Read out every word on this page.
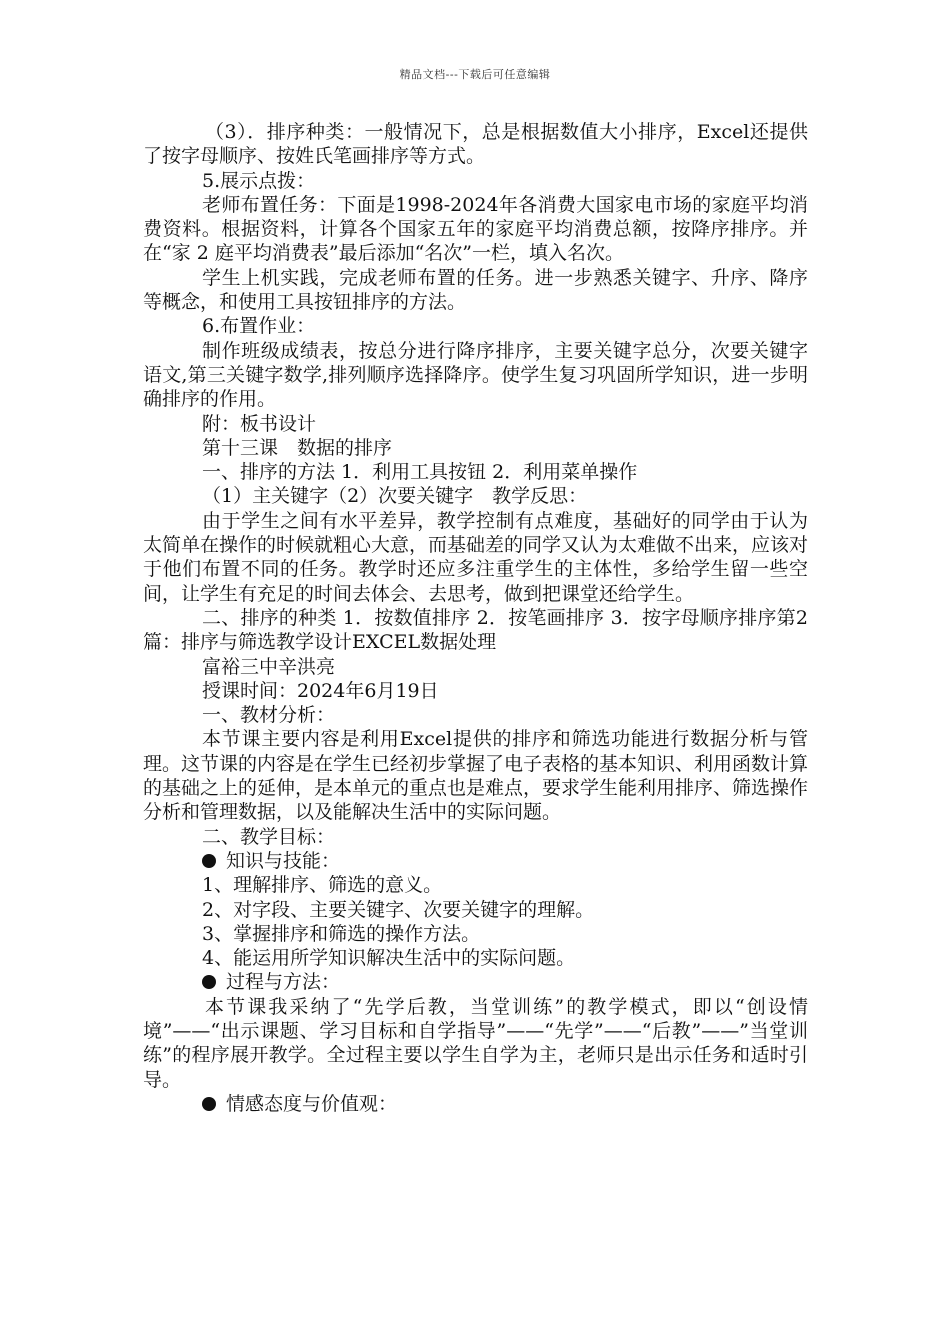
精品文档---下载后可任意编辑

（3）．排序种类：一般情况下，总是根据数值大小排序，Excel还提供了按字母顺序、按姓氏笔画排序等方式。

5.展示点拨：

老师布置任务：下面是1998-2024年各消费大国家电市场的家庭平均消费资料。根据资料，计算各个国家五年的家庭平均消费总额，按降序排序。并在“家 2 庭平均消费表”最后添加“名次”一栏，填入名次。

学生上机实践，完成老师布置的任务。进一步熟悉关键字、升序、降序等概念，和使用工具按钮排序的方法。

6.布置作业：

制作班级成绩表，按总分进行降序排序，主要关键字总分，次要关键字语文,第三关键字数学,排列顺序选择降序。使学生复习巩固所学知识，进一步明确排序的作用。

附：板书设计

第十三课　数据的排序

一、排序的方法 1．利用工具按钮 2．利用菜单操作

（1）主关键字（2）次要关键字　教学反思：

由于学生之间有水平差异，教学控制有点难度，基础好的同学由于认为太简单在操作的时候就粗心大意，而基础差的同学又认为太难做不出来，应该对于他们布置不同的任务。教学时还应多注重学生的主体性，多给学生留一些空间，让学生有充足的时间去体会、去思考，做到把课堂还给学生。

二、排序的种类 1．按数值排序 2．按笔画排序 3．按字母顺序排序第2篇：排序与筛选教学设计EXCEL数据处理

富裕三中辛洪亮

授课时间：2024年6月19日

一、教材分析：

本节课主要内容是利用Excel提供的排序和筛选功能进行数据分析与管理。这节课的内容是在学生已经初步掌握了电子表格的基本知识、利用函数计算的基础之上的延伸，是本单元的重点也是难点，要求学生能利用排序、筛选操作分析和管理数据，以及能解决生活中的实际问题。

二、教学目标：

知识与技能：

1、理解排序、筛选的意义。

2、对字段、主要关键字、次要关键字的理解。

3、掌握排序和筛选的操作方法。

4、能运用所学知识解决生活中的实际问题。

过程与方法：

本节课我采纳了“先学后教，当堂训练”的教学模式，即以“创设情境”——“出示课题、学习目标和自学指导”——“先学”——“后教”——”当堂训练”的程序展开教学。全过程主要以学生自学为主，老师只是出示任务和适时引导。

情感态度与价值观：
